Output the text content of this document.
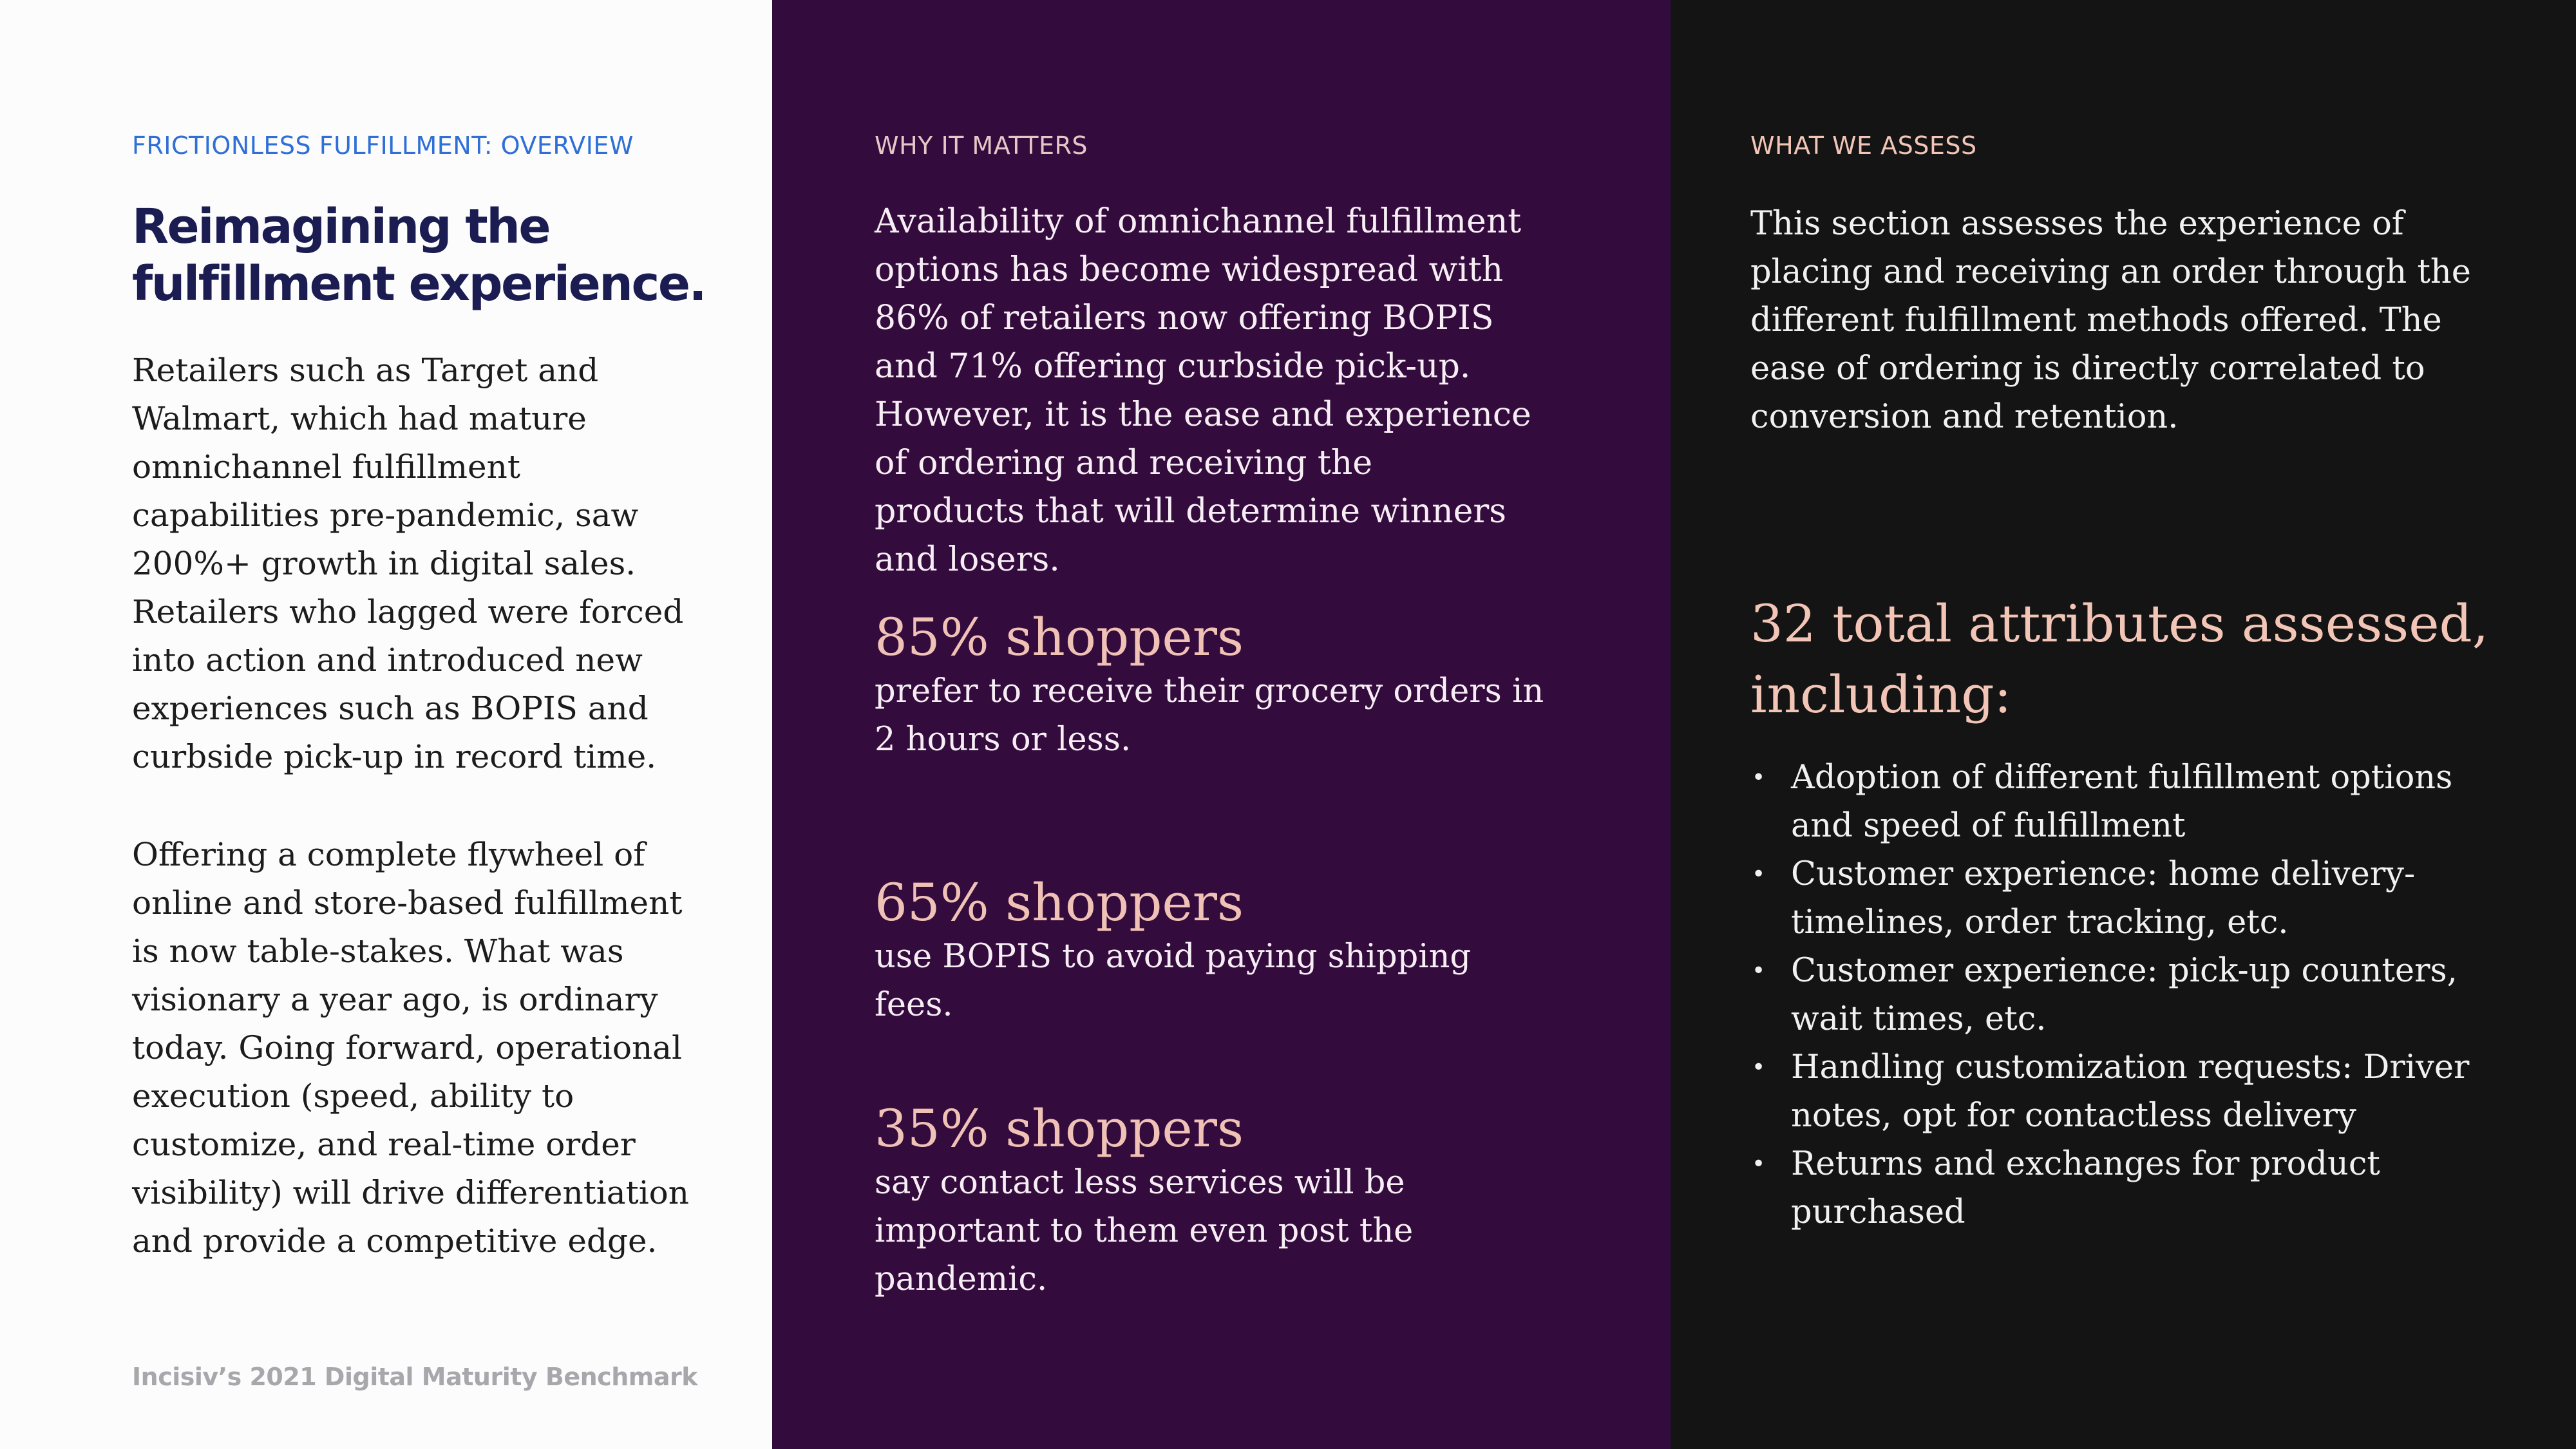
FRICTIONLESS FULFILLMENT: OVERVIEW
Reimagining the fulfillment experience.

Retailers such as Target and Walmart, which had mature omnichannel fulfillment capabilities pre-pandemic, saw 200%+ growth in digital sales. Retailers who lagged were forced into action and introduced new experiences such as BOPIS and curbside pick-up in record time.

Offering a complete flywheel of online and store-based fulfillment is now table-stakes. What was visionary a year ago, is ordinary today. Going forward, operational execution (speed, ability to customize, and real-time order visibility) will drive differentiation and provide a competitive edge.

Incisiv’s 2021 Digital Maturity Benchmark
WHY IT MATTERS

Availability of omnichannel fulfillment options has become widespread with 86% of retailers now offering BOPIS and 71% offering curbside pick-up. However, it is the ease and experience of ordering and receiving the products that will determine winners and losers.

85% shoppers
prefer to receive their grocery orders in 2 hours or less.
65% shoppers
use BOPIS to avoid paying shipping fees.
35% shoppers
say contact less services will be important to them even post the pandemic.
WHAT WE ASSESS

This section assesses the experience of placing and receiving an order through the different fulfillment methods offered. The ease of ordering is directly correlated to conversion and retention.

32 total attributes assessed, including:
• Adoption of different fulfillment options and speed of fulfillment
• Customer experience: home delivery- timelines, order tracking, etc.
• Customer experience: pick-up counters, wait times, etc.
• Handling customization requests: Driver notes, opt for contactless delivery
• Returns and exchanges for product purchased
